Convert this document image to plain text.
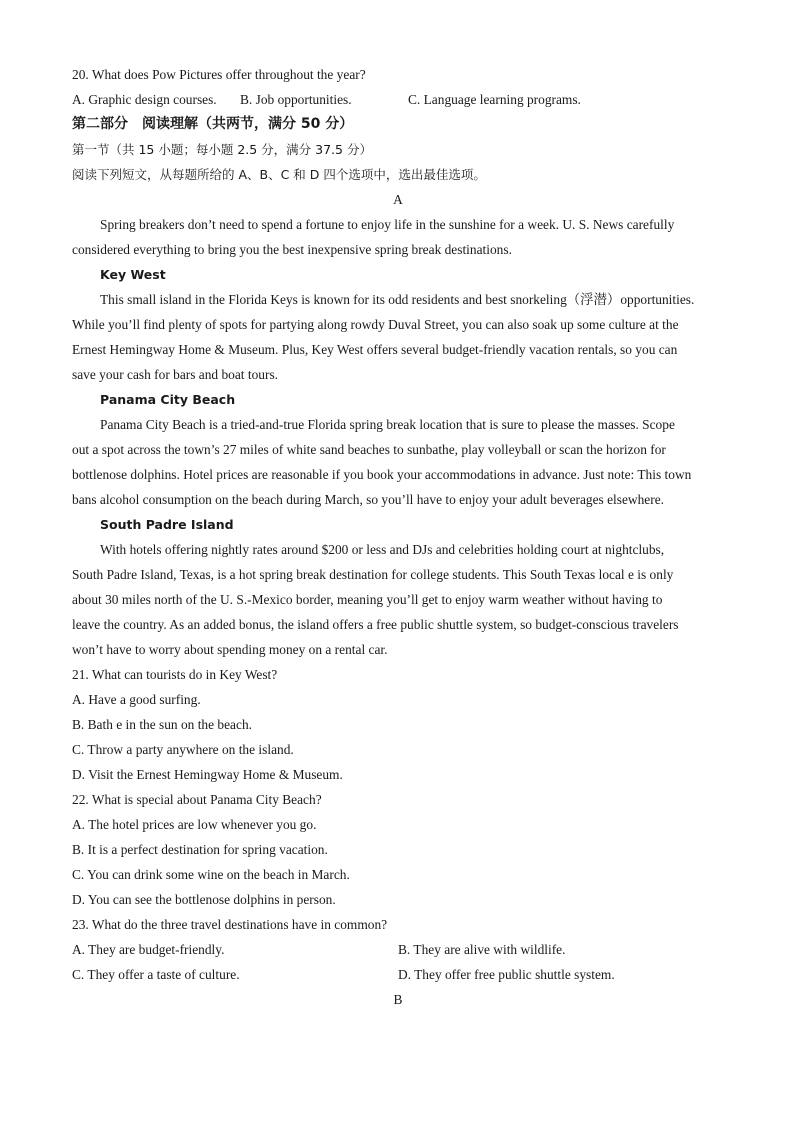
20. What does Pow Pictures offer throughout the year?
A. Graphic design courses.	B. Job opportunities.	C. Language learning programs.
第二部分　阅读理解（共两节，满分 50 分）
第一节（共 15 小题；每小题 2.5 分，满分 37.5 分）
阅读下列短文，从每题所给的 A、B、C 和 D 四个选项中，选出最佳选项。
A
Spring breakers don’t need to spend a fortune to enjoy life in the sunshine for a week. U. S. News carefully
considered everything to bring you the best inexpensive spring break destinations.
Key West
This small island in the Florida Keys is known for its odd residents and best snorkeling（浮潜）opportunities.
While you’ll find plenty of spots for partying along rowdy Duval Street, you can also soak up some culture at the
Ernest Hemingway Home & Museum. Plus, Key West offers several budget-friendly vacation rentals, so you can
save your cash for bars and boat tours.
Panama City Beach
Panama City Beach is a tried-and-true Florida spring break location that is sure to please the masses. Scope
out a spot across the town’s 27 miles of white sand beaches to sunbathe, play volleyball or scan the horizon for
bottlenose dolphins. Hotel prices are reasonable if you book your accommodations in advance. Just note: This town
bans alcohol consumption on the beach during March, so you’ll have to enjoy your adult beverages elsewhere.
South Padre Island
With hotels offering nightly rates around $200 or less and DJs and celebrities holding court at nightclubs,
South Padre Island, Texas, is a hot spring break destination for college students. This South Texas local e is only
about 30 miles north of the U. S.-Mexico border, meaning you’ll get to enjoy warm weather without having to
leave the country. As an added bonus, the island offers a free public shuttle system, so budget-conscious travelers
won’t have to worry about spending money on a rental car.
21. What can tourists do in Key West?
A. Have a good surfing.
B. Bath e in the sun on the beach.
C. Throw a party anywhere on the island.
D. Visit the Ernest Hemingway Home & Museum.
22. What is special about Panama City Beach?
A. The hotel prices are low whenever you go.
B. It is a perfect destination for spring vacation.
C. You can drink some wine on the beach in March.
D. You can see the bottlenose dolphins in person.
23. What do the three travel destinations have in common?
A. They are budget-friendly.	B. They are alive with wildlife.
C. They offer a taste of culture.	D. They offer free public shuttle system.
B
